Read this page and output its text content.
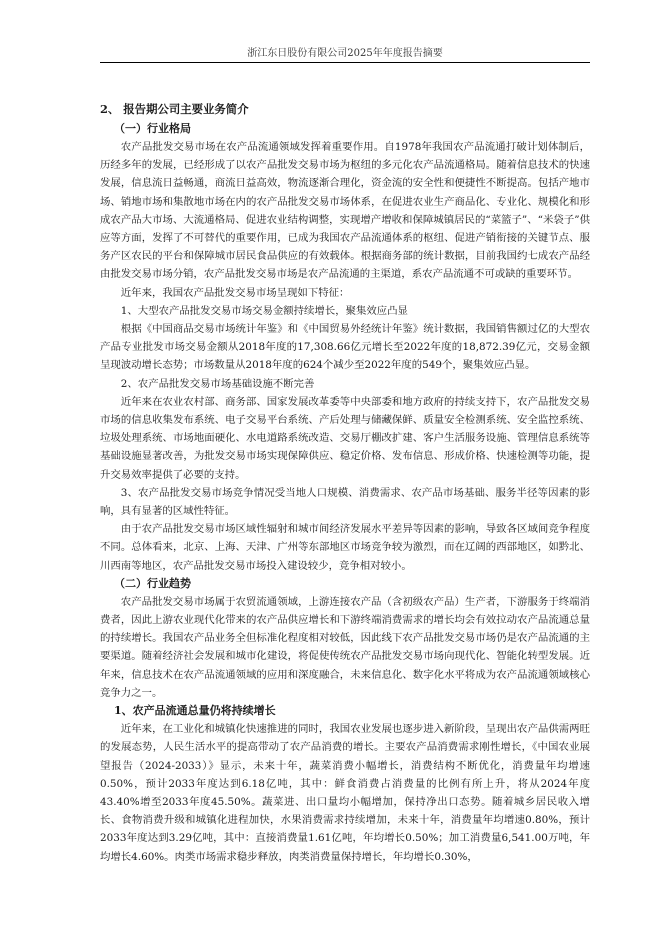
浙江东日股份有限公司2025年年度报告摘要
2、 报告期公司主要业务简介
（一）行业格局

农产品批发交易市场在农产品流通领域发挥着重要作用。自1978年我国农产品流通打破计划体制后，历经多年的发展，已经形成了以农产品批发交易市场为枢纽的多元化农产品流通格局。随着信息技术的快速发展，信息流日益畅通，商流日益高效，物流逐渐合理化，资金流的安全性和便捷性不断提高。包括产地市场、销地市场和集散地市场在内的农产品批发交易市场体系，在促进农业生产商品化、专业化、规模化和形成农产品大市场、大流通格局、促进农业结构调整，实现增产增收和保障城镇居民的“菜篮子”、“米袋子”供应等方面，发挥了不可替代的重要作用，已成为我国农产品流通体系的枢纽、促进产销衔接的关键节点、服务产区农民的平台和保障城市居民食品供应的有效载体。根据商务部的统计数据，目前我国约七成农产品经由批发交易市场分销，农产品批发交易市场是农产品流通的主渠道，系农产品流通不可或缺的重要环节。

近年来，我国农产品批发交易市场呈现如下特征：

1、大型农产品批发交易市场交易金额持续增长，聚集效应凸显

根据《中国商品交易市场统计年鉴》和《中国贸易外经统计年鉴》统计数据，我国销售额过亿的大型农产品专业批发市场交易金额从2018年度的17,308.66亿元增长至2022年度的18,872.39亿元，交易金额呈现波动增长态势；市场数量从2018年度的624个减少至2022年度的549个，聚集效应凸显。

2、农产品批发交易市场基础设施不断完善

近年来在农业农村部、商务部、国家发展改革委等中央部委和地方政府的持续支持下，农产品批发交易市场的信息收集发布系统、电子交易平台系统、产后处理与储藏保鲜、质量安全检测系统、安全监控系统、垃圾处理系统、市场地面硬化、水电道路系统改造、交易厅棚改扩建、客户生活服务设施、管理信息系统等基础设施显著改善，为批发交易市场实现保障供应、稳定价格、发布信息、形成价格、快速检测等功能，提升交易效率提供了必要的支持。

3、农产品批发交易市场竞争情况受当地人口规模、消费需求、农产品市场基础、服务半径等因素的影响，具有显著的区域性特征。

由于农产品批发交易市场区域性辐射和城市间经济发展水平差异等因素的影响，导致各区域间竞争程度不同。总体看来，北京、上海、天津、广州等东部地区市场竞争较为激烈，而在辽阔的西部地区，如黔北、川西南等地区，农产品批发交易市场投入建设较少，竞争相对较小。

（二）行业趋势

农产品批发交易市场属于农贸流通领域，上游连接农产品（含初级农产品）生产者，下游服务于终端消费者，因此上游农业现代化带来的农产品供应增长和下游终端消费需求的增长均会有效拉动农产品流通总量的持续增长。我国农产品业务全但标准化程度相对较低，因此线下农产品批发交易市场仍是农产品流通的主要渠道。随着经济社会发展和城市化建设，将促使传统农产品批发交易市场向现代化、智能化转型发展。近年来，信息技术在农产品流通领域的应用和深度融合，未来信息化、数字化水平将成为农产品流通领域核心竞争力之一。

1、农产品流通总量仍将持续增长

近年来，在工业化和城镇化快速推进的同时，我国农业发展也逐步进入新阶段，呈现出农产品供需两旺的发展态势，人民生活水平的提高带动了农产品消费的增长。主要农产品消费需求刚性增长，《中国农业展望报告（2024-2033）》显示，未来十年，蔬菜消费小幅增长，消费结构不断优化，消费量年均增速0.50%，预计2033年度达到6.18亿吨，其中：鲜食消费占消费量的比例有所上升，将从2024年度43.40%增至2033年度45.50%。蔬菜进、出口量均小幅增加，保持净出口态势。随着城乡居民收入增长、食物消费升级和城镇化进程加快，水果消费需求持续增加，未来十年，消费量年均增速0.80%，预计2033年度达到3.29亿吨，其中：直接消费量1.61亿吨，年均增长0.50%；加工消费量6,541.00万吨，年均增长4.60%。肉类市场需求稳步释放，肉类消费量保持增长，年均增长0.30%，
